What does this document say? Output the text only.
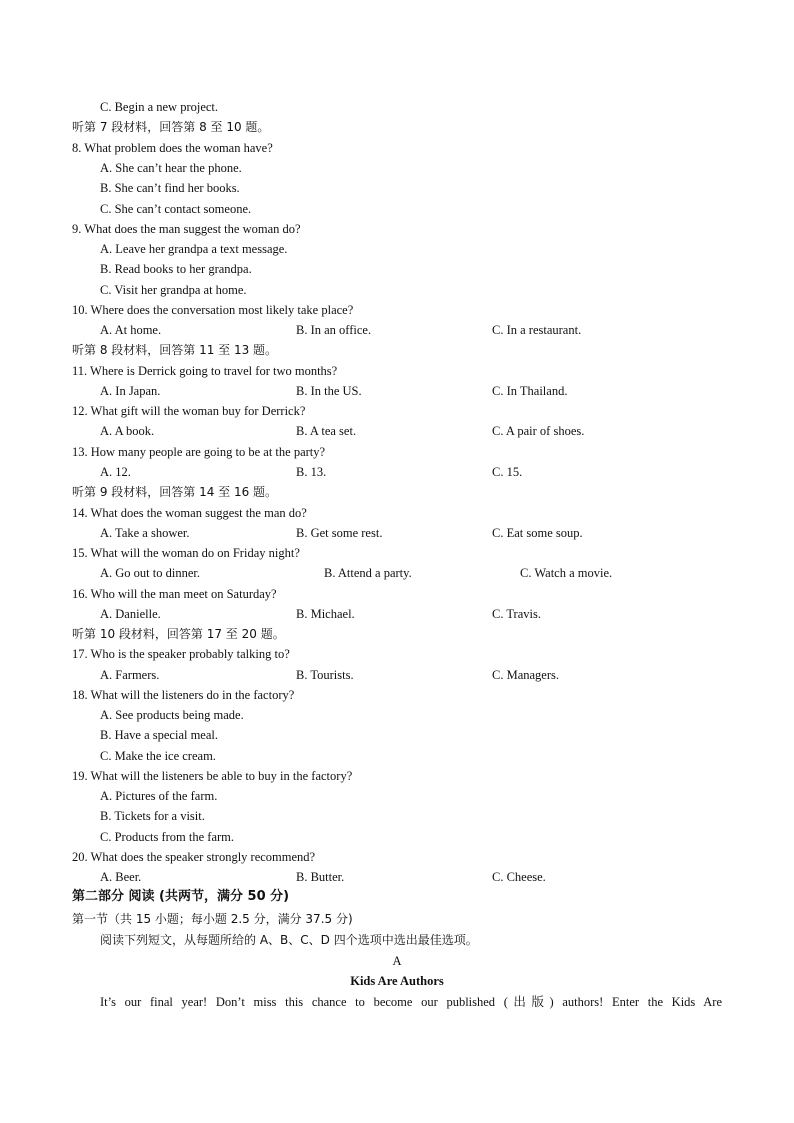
C. Begin a new project.
听第 7 段材料，回答第 8 至 10 题。
8. What problem does the woman have?
A. She can’t hear the phone.
B. She can’t find her books.
C. She can’t contact someone.
9. What does the man suggest the woman do?
A. Leave her grandpa a text message.
B. Read books to her grandpa.
C. Visit her grandpa at home.
10. Where does the conversation most likely take place?
A. At home.	B. In an office.	C. In a restaurant.
听第 8 段材料，回答第 11 至 13 题。
11. Where is Derrick going to travel for two months?
A. In Japan.	B. In the US.	C. In Thailand.
12. What gift will the woman buy for Derrick?
A. A book.	B. A tea set.	C. A pair of shoes.
13. How many people are going to be at the party?
A. 12.	B. 13.	C. 15.
听第 9 段材料，回答第 14 至 16 题。
14. What does the woman suggest the man do?
A. Take a shower.	B. Get some rest.	C. Eat some soup.
15. What will the woman do on Friday night?
A. Go out to dinner.	B. Attend a party.	C. Watch a movie.
16. Who will the man meet on Saturday?
A. Danielle.	B. Michael.	C. Travis.
听第 10 段材料，回答第 17 至 20 题。
17. Who is the speaker probably talking to?
A. Farmers.	B. Tourists.	C. Managers.
18. What will the listeners do in the factory?
A. See products being made.
B. Have a special meal.
C. Make the ice cream.
19. What will the listeners be able to buy in the factory?
A. Pictures of the farm.
B. Tickets for a visit.
C. Products from the farm.
20. What does the speaker strongly recommend?
A. Beer.	B. Butter.	C. Cheese.
第二部分 阅读 (共两节，满分 50 分)
第一节（共 15 小题；每小题 2.5 分，满分 37.5 分)
阅读下列短文，从每题所给的 A、B、C、D 四个选项中选出最佳选项。
A
Kids Are Authors
It’s our final year! Don’t miss this chance to become our published (出版) authors! Enter the Kids Are
